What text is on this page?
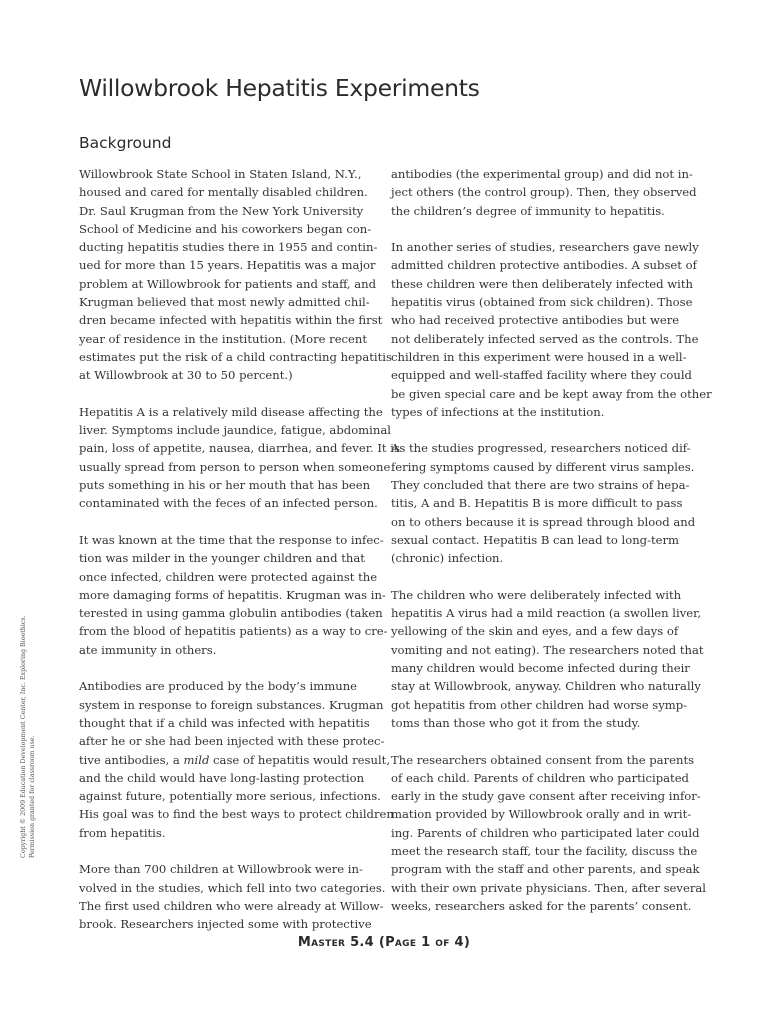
Willowbrook Hepatitis Experiments
Background

Willowbrook State School in Staten Island, N.Y.,
housed and cared for mentally disabled children.
Dr. Saul Krugman from the New York University
School of Medicine and his coworkers began con-
ducting hepatitis studies there in 1955 and contin-
ued for more than 15 years. Hepatitis was a major
problem at Willowbrook for patients and staff, and
Krugman believed that most newly admitted chil-
dren became infected with hepatitis within the first
year of residence in the institution. (More recent
estimates put the risk of a child contracting hepatitis
at Willowbrook at 30 to 50 percent.)

Hepatitis A is a relatively mild disease affecting the
liver. Symptoms include jaundice, fatigue, abdominal
pain, loss of appetite, nausea, diarrhea, and fever. It is
usually spread from person to person when someone
puts something in his or her mouth that has been
contaminated with the feces of an infected person.

It was known at the time that the response to infec-
tion was milder in the younger children and that
once infected, children were protected against the
more damaging forms of hepatitis. Krugman was in-
terested in using gamma globulin antibodies (taken
from the blood of hepatitis patients) as a way to cre-
ate immunity in others.

Antibodies are produced by the body’s immune
system in response to foreign substances. Krugman
thought that if a child was infected with hepatitis
after he or she had been injected with these protec-
tive antibodies, a mild case of hepatitis would result,
and the child would have long-lasting protection
against future, potentially more serious, infections.
His goal was to find the best ways to protect children
from hepatitis.

More than 700 children at Willowbrook were in-
volved in the studies, which fell into two categories.
The first used children who were already at Willow-
brook. Researchers injected some with protective

antibodies (the experimental group) and did not in-
ject others (the control group). Then, they observed
the children’s degree of immunity to hepatitis.

In another series of studies, researchers gave newly
admitted children protective antibodies. A subset of
these children were then deliberately infected with
hepatitis virus (obtained from sick children). Those
who had received protective antibodies but were
not deliberately infected served as the controls. The
children in this experiment were housed in a well-
equipped and well-staffed facility where they could
be given special care and be kept away from the other
types of infections at the institution.

As the studies progressed, researchers noticed dif-
fering symptoms caused by different virus samples.
They concluded that there are two strains of hepa-
titis, A and B. Hepatitis B is more difficult to pass
on to others because it is spread through blood and
sexual contact. Hepatitis B can lead to long-term
(chronic) infection.

The children who were deliberately infected with
hepatitis A virus had a mild reaction (a swollen liver,
yellowing of the skin and eyes, and a few days of
vomiting and not eating). The researchers noted that
many children would become infected during their
stay at Willowbrook, anyway. Children who naturally
got hepatitis from other children had worse symp-
toms than those who got it from the study.

The researchers obtained consent from the parents
of each child. Parents of children who participated
early in the study gave consent after receiving infor-
mation provided by Willowbrook orally and in writ-
ing. Parents of children who participated later could
meet the research staff, tour the facility, discuss the
program with the staff and other parents, and speak
with their own private physicians. Then, after several
weeks, researchers asked for the parents’ consent.

Copyright © 2009 Education Development Center, Inc. Exploring Bioethics. Permission granted for classroom use.
Master 5.4 (Page 1 of 4)
